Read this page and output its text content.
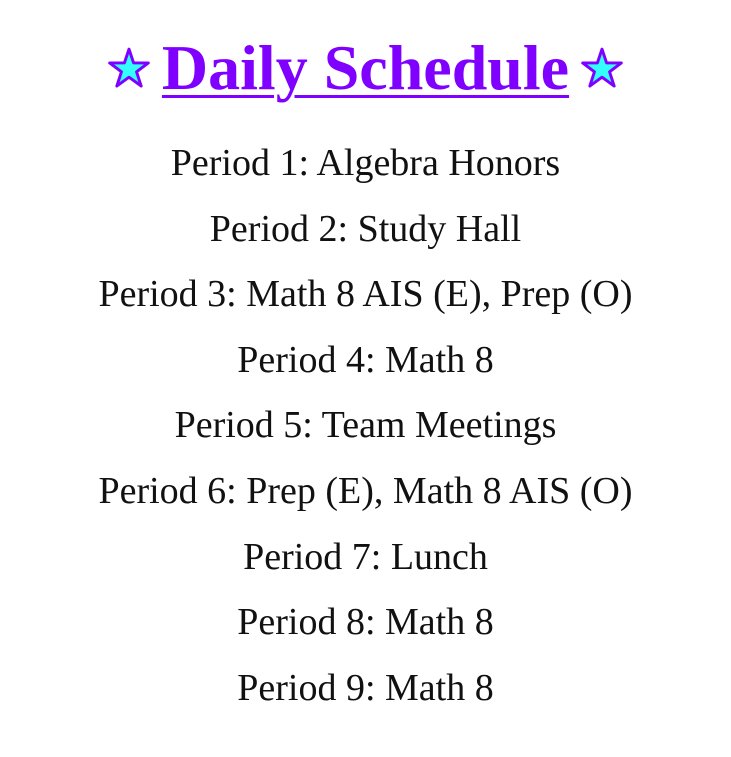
Daily Schedule
Period 1: Algebra Honors
Period 2: Study Hall
Period 3: Math 8 AIS (E), Prep (O)
Period 4: Math 8
Period 5: Team Meetings
Period 6: Prep (E), Math 8 AIS (O)
Period 7: Lunch
Period 8: Math 8
Period 9: Math 8
